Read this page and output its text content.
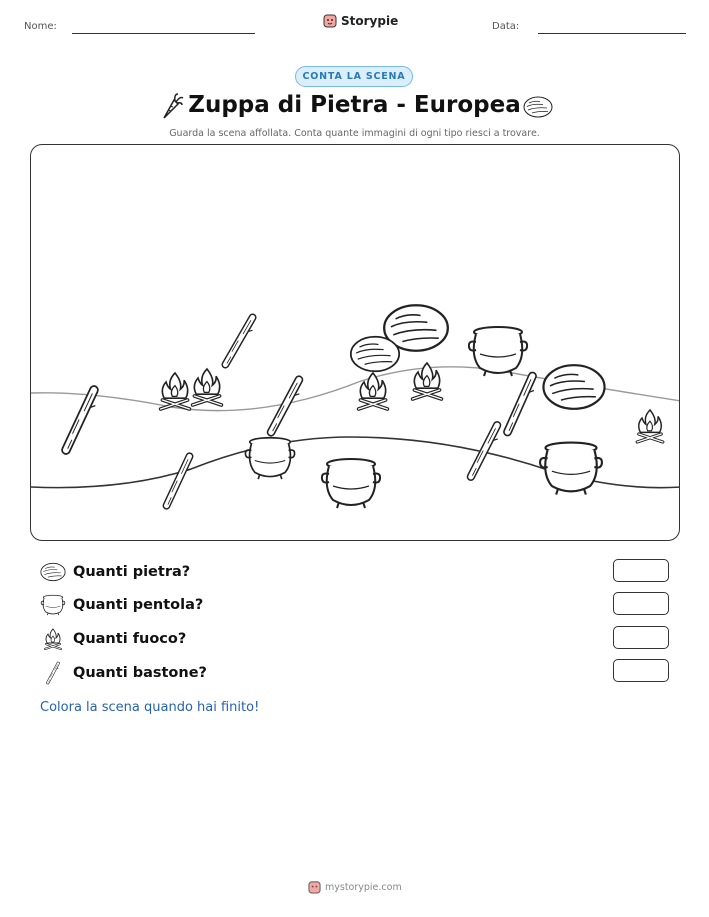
Nome:	Storypie	Data:
CONTA LA SCENA
Zuppa di Pietra - Europea
Guarda la scena affollata. Conta quante immagini di ogni tipo riesci a trovare.
Quanti pietra?
Quanti pentola?
Quanti fuoco?
Quanti bastone?
Colora la scena quando hai finito!
mystorypie.com
